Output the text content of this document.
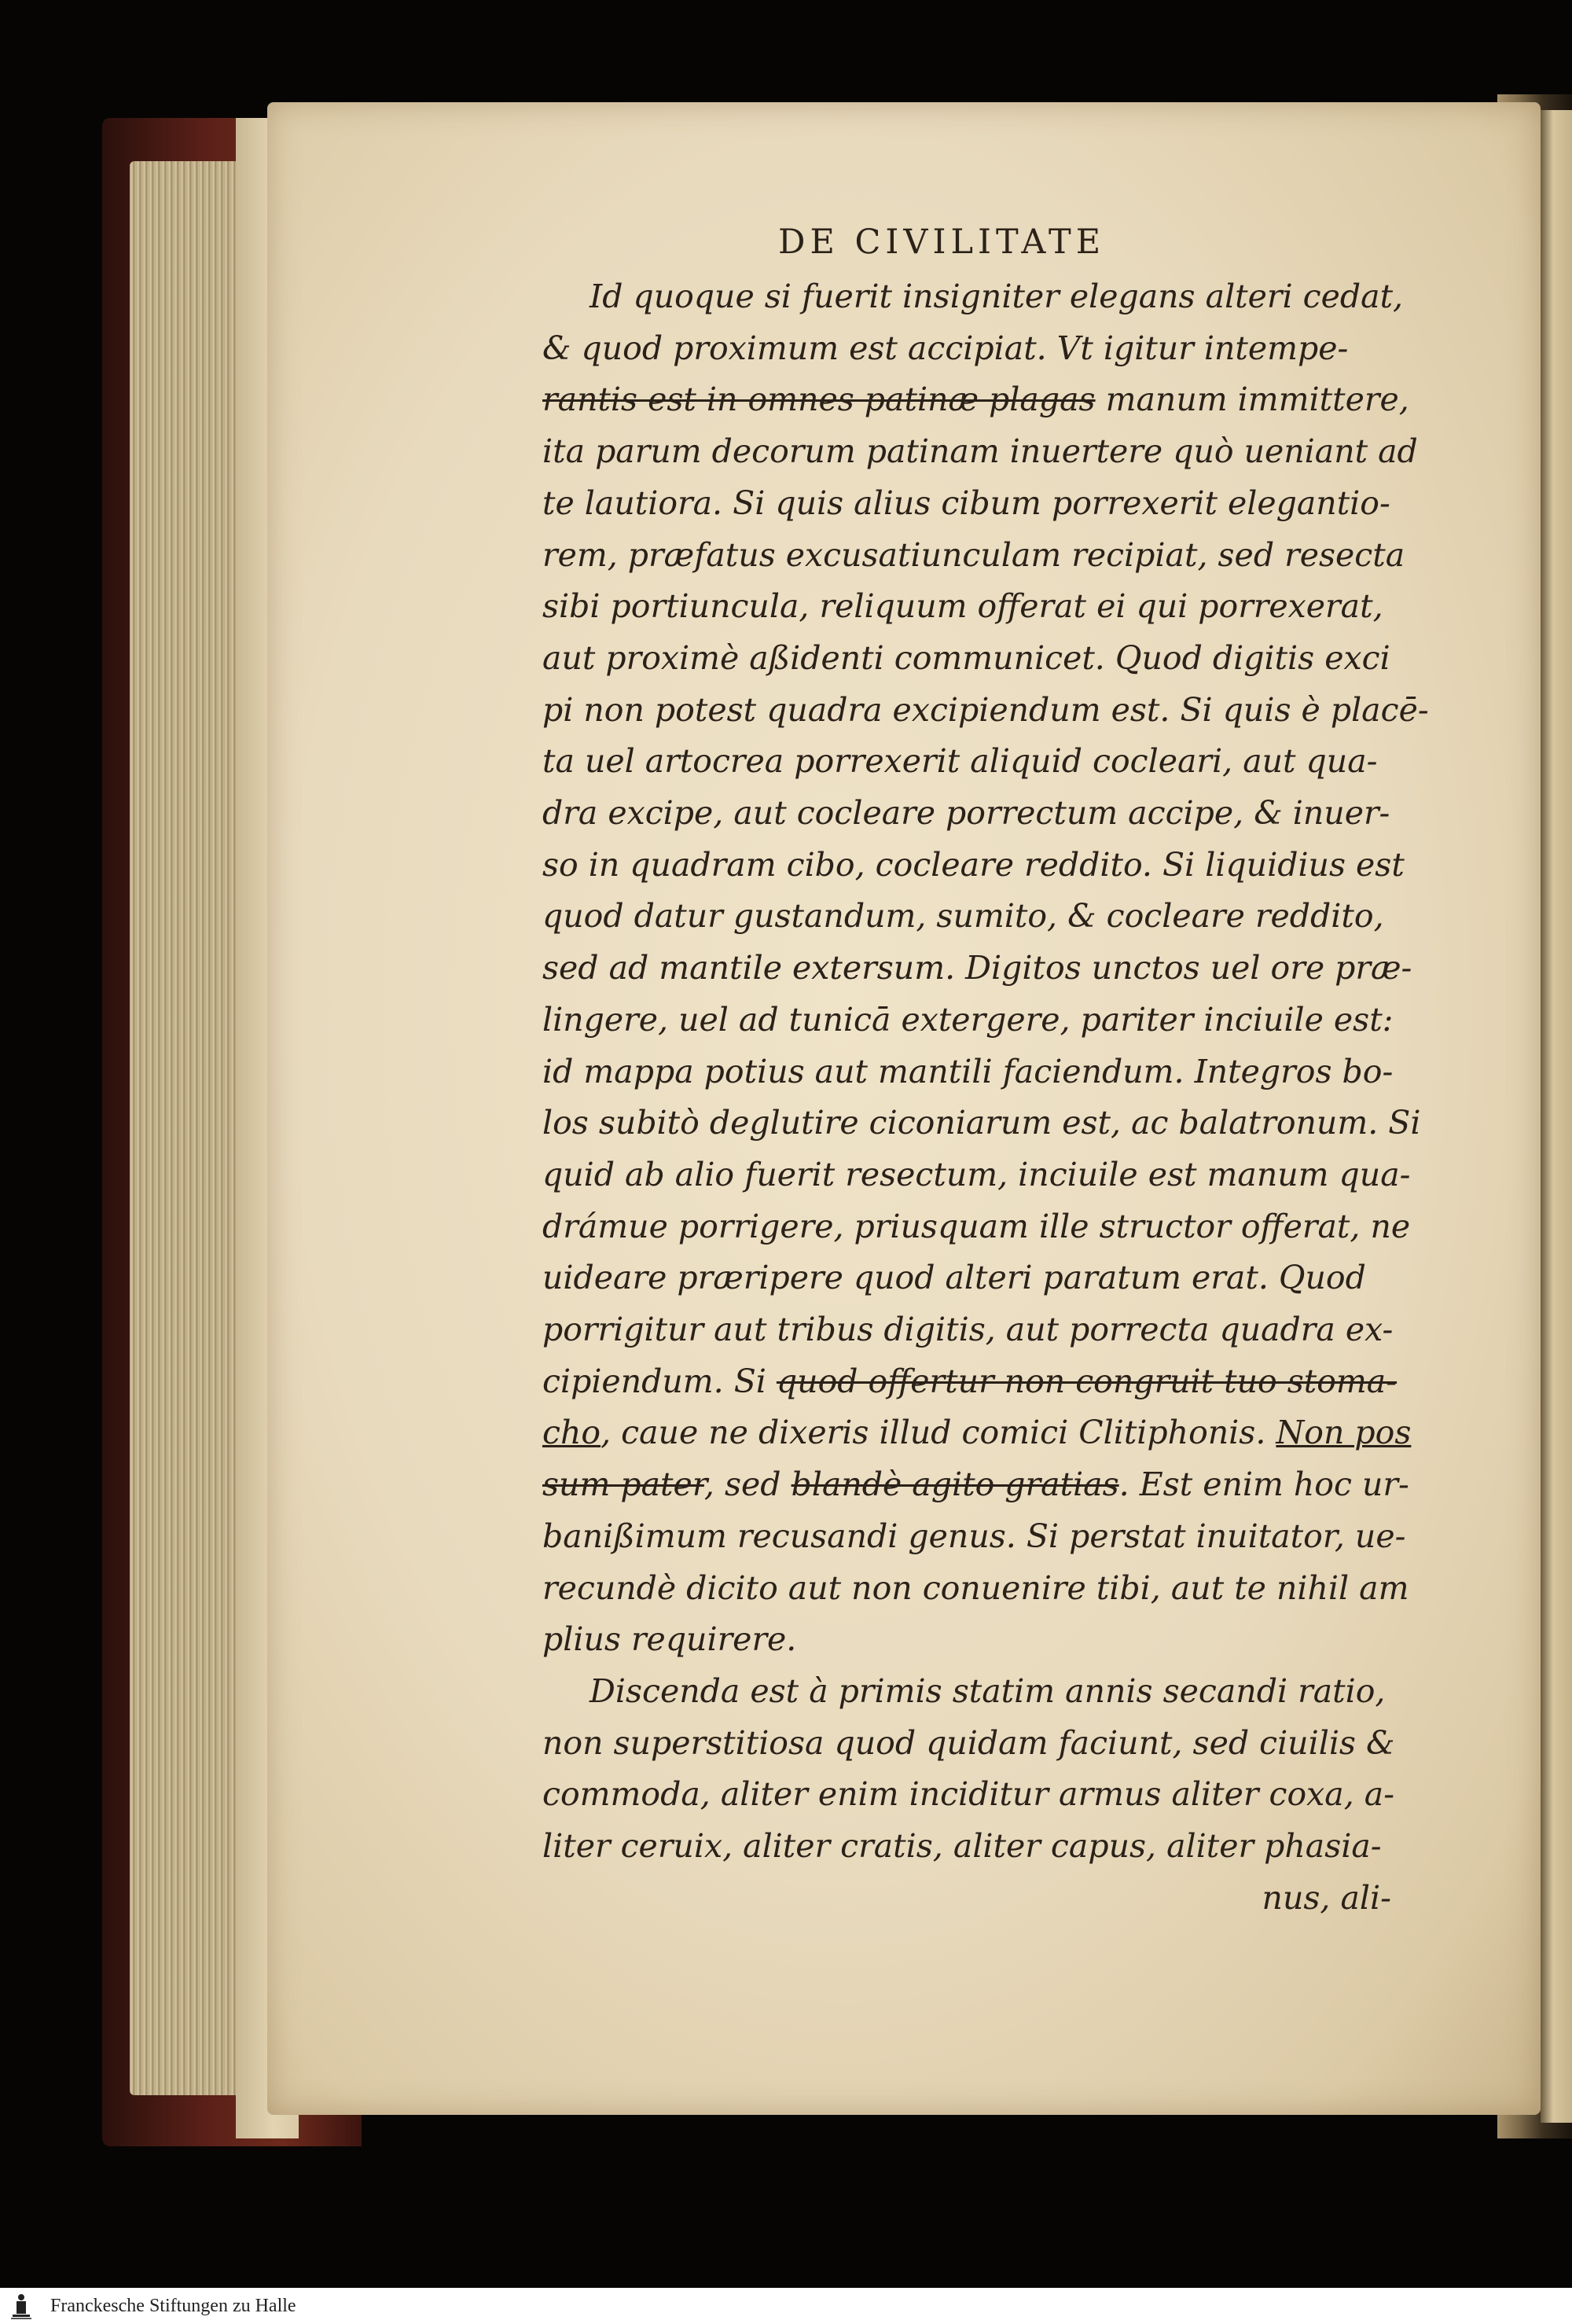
DE CIVILITATE
Id quoque si fuerit insigniter elegans alteri cedat,
& quod proximum est accipiat. Vt igitur intempe-
rantis est in omnes patinæ plagas manum immittere,
ita parum decorum patinam inuertere quò ueniant ad
te lautiora. Si quis alius cibum porrexerit elegantio-
rem, præfatus excusatiunculam recipiat, sed resecta
sibi portiuncula, reliquum offerat ei qui porrexerat,
aut proximè aßidenti communicet. Quod digitis exci
pi non potest quadra excipiendum est. Si quis è placē-
ta uel artocrea porrexerit aliquid cocleari, aut qua-
dra excipe, aut cocleare porrectum accipe, & inuer-
so in quadram cibo, cocleare reddito. Si liquidius est
quod datur gustandum, sumito, & cocleare reddito,
sed ad mantile extersum. Digitos unctos uel ore præ-
lingere, uel ad tunicā extergere, pariter inciuile est:
id mappa potius aut mantili faciendum. Integros bo-
los subitò deglutire ciconiarum est, ac balatronum. Si
quid ab alio fuerit resectum, inciuile est manum qua-
drámue porrigere, priusquam ille structor offerat, ne
uideare præripere quod alteri paratum erat. Quod
porrigitur aut tribus digitis, aut porrecta quadra ex-
cipiendum. Si quod offertur non congruit tuo stoma-
cho, caue ne dixeris illud comici Clitiphonis. Non pos
sum pater, sed blandè agito gratias. Est enim hoc ur-
banißimum recusandi genus. Si perstat inuitator, ue-
recundè dicito aut non conuenire tibi, aut te nihil am
plius requirere.
Discenda est à primis statim annis secandi ratio,
non superstitiosa quod quidam faciunt, sed ciuilis &
commoda, aliter enim inciditur armus aliter coxa, a-
liter ceruix, aliter cratis, aliter capus, aliter phasia-
nus, ali-
Franckesche Stiftungen zu Halle
